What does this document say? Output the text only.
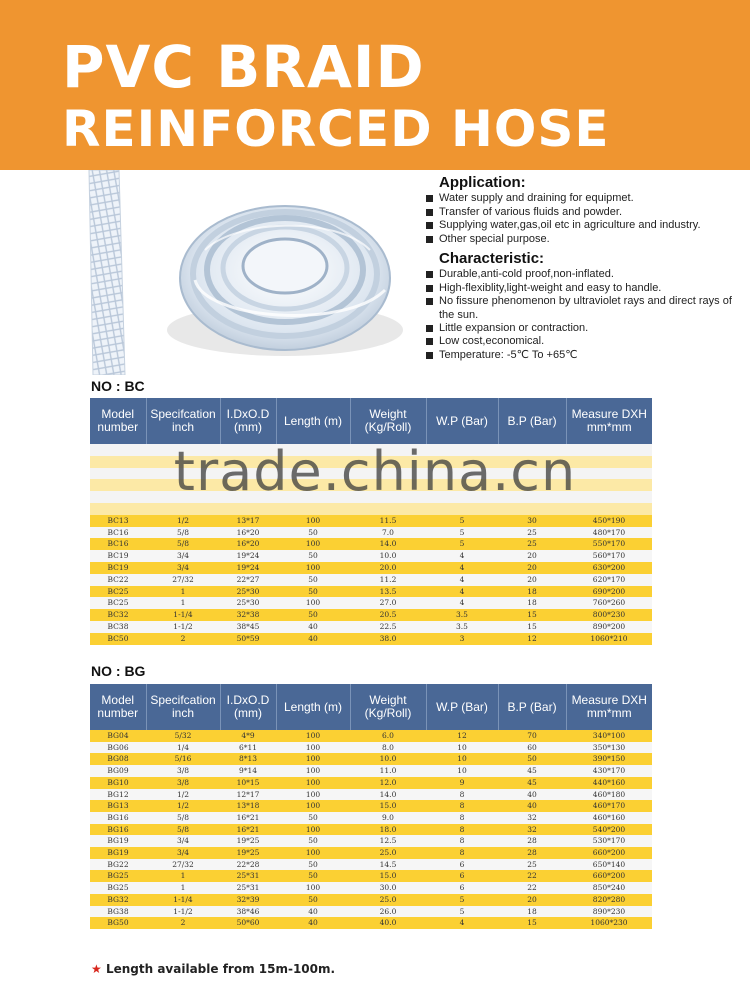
PVC BRAID
REINFORCED HOSE
Application:
Water supply and draining for equipmet.
Transfer of various fluids and powder.
Supplying water,gas,oil etc in agriculture and industry.
Other special purpose.
Characteristic:
Durable,anti-cold proof,non-inflated.
High-flexiblity,light-weight and easy to handle.
No fissure phenomenon by ultraviolet rays and direct rays of the sun.
Little expansion or contraction.
Low cost,economical.
Temperature: -5℃ To +65℃
NO : BC
Model number	Specifcation inch	I.DxO.D (mm)	Length (m)	Weight (Kg/Roll)	W.P (Bar)	B.P (Bar)	Measure DXH mm*mm

BC13	1/2	13*17	100	11.5	5	30	450*190
BC16	5/8	16*20	50	7.0	5	25	480*170
BC16	5/8	16*20	100	14.0	5	25	550*170
BC19	3/4	19*24	50	10.0	4	20	560*170
BC19	3/4	19*24	100	20.0	4	20	630*200
BC22	27/32	22*27	50	11.2	4	20	620*170
BC25	1	25*30	50	13.5	4	18	690*200
BC25	1	25*30	100	27.0	4	18	760*260
BC32	1-1/4	32*38	50	20.5	3.5	15	800*230
BC38	1-1/2	38*45	40	22.5	3.5	15	890*200
BC50	2	50*59	40	38.0	3	12	1060*210
trade.china.cn
NO : BG
Model number	Specifcation inch	I.DxO.D (mm)	Length (m)	Weight (Kg/Roll)	W.P (Bar)	B.P (Bar)	Measure DXH mm*mm
BG04	5/32	4*9	100	6.0	12	70	340*100
BG06	1/4	6*11	100	8.0	10	60	350*130
BG08	5/16	8*13	100	10.0	10	50	390*150
BG09	3/8	9*14	100	11.0	10	45	430*170
BG10	3/8	10*15	100	12.0	9	45	440*160
BG12	1/2	12*17	100	14.0	8	40	460*180
BG13	1/2	13*18	100	15.0	8	40	460*170
BG16	5/8	16*21	50	9.0	8	32	460*160
BG16	5/8	16*21	100	18.0	8	32	540*200
BG19	3/4	19*25	50	12.5	8	28	530*170
BG19	3/4	19*25	100	25.0	8	28	660*200
BG22	27/32	22*28	50	14.5	6	25	650*140
BG25	1	25*31	50	15.0	6	22	660*200
BG25	1	25*31	100	30.0	6	22	850*240
BG32	1-1/4	32*39	50	25.0	5	20	820*280
BG38	1-1/2	38*46	40	26.0	5	18	890*230
BG50	2	50*60	40	40.0	4	15	1060*230
★ Length available from 15m-100m.
